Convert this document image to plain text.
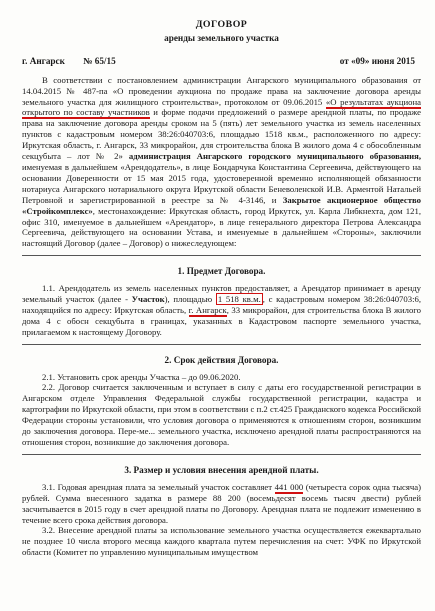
ДОГОВОР
аренды земельного участка
г. Ангарск № 65/15	от «09» июня 2015

В соответствии с постановлением администрации Ангарского муниципального образования от 14.04.2015 № 487-па «О проведении аукциона по продаже права на заключение договора аренды земельного участка для жилищного строительства», протоколом от 09.06.2015 «О результатах аукциона открытого по составу участников и форме подачи предложений о размере арендной платы, по продаже права на заключение договора аренды сроком на 5 (пять) лет земельного участка из земель населенных пунктов с кадастровым номером 38:26:040703:6, площадью 1518 кв.м., расположенного по адресу: Иркутская область, г. Ангарск, 33 микрорайон, для строительства блока В жилого дома 4 с обособленным секцубыта – лот № 2» администрация Ангарского городского муниципального образования, именуемая в дальнейшем «Арендодатель», в лице Бондарчука Константина Сергеевича, действующего на основании Доверенности от 15 мая 2015 года, удостоверенной временно исполняющей обязанности нотариуса Ангарского нотариального округа Иркутской области Беневоленской И.В. Арментой Натальей Петровной и зарегистрированной в реестре за № 4-3146, и Закрытое акционерное общество «Стройкомплекс», местонахождение: Иркутская область, город Иркутск, ул. Карла Либкнехта, дом 121, офис 310, именуемое в дальнейшем «Арендатор», в лице генерального директора Петрова Александра Сергеевича, действующего на основании Устава, и именуемые в дальнейшем «Стороны», заключили настоящий Договор (далее – Договор) о нижеследующем:

1. Предмет Договора.

1.1. Арендодатель из земель населенных пунктов предоставляет, а Арендатор принимает в аренду земельный участок (далее - Участок), площадью 1 518 кв.м. , с кадастровым номером 38:26:040703:6, находящийся по адресу: Иркутская область, г. Ангарск, 33 микрорайон, для строительства блока В жилого дома 4 с обосн секцубыта в границах, указанных в Кадастровом паспорте земельного участка, прилагаемом к настоящему Договору.

2. Срок действия Договора.

2.1. Установить срок аренды Участка – до 09.06.2020.

2.2. Договор считается заключенным и вступает в силу с даты его государственной регистрации в Ангарском отделе Управления Федеральной службы государственной регистрации, кадастра и картографии по Иркутской области, при этом в соответствии с п.2 ст.425 Гражданского кодекса Российской Федерации стороны установили, что условия договора о применяются к отношениям сторон, возникшим до заключения договора. Пере-ме... земельного участка, исключено арендной платы распространяются на отношения сторон, возникшие до заключения договора.

3. Размер и условия внесения арендной платы.

3.1. Годовая арендная плата за земельный участок составляет 441 000 (четыреста сорок одна тысяча) рублей. Сумма внесенного задатка в размере 88 200 (восемьдесят восемь тысяч двести) рублей засчитывается в 2015 году в счет арендной платы по Договору. Арендная плата не подлежит изменению в течение всего срока действия договора.

3.2. Внесение арендной платы за использование земельного участка осуществляется ежеквартально не позднее 10 числа второго месяца каждого квартала путем перечисления на счет: УФК по Иркутской области (Комитет по управлению муниципальным имуществом
